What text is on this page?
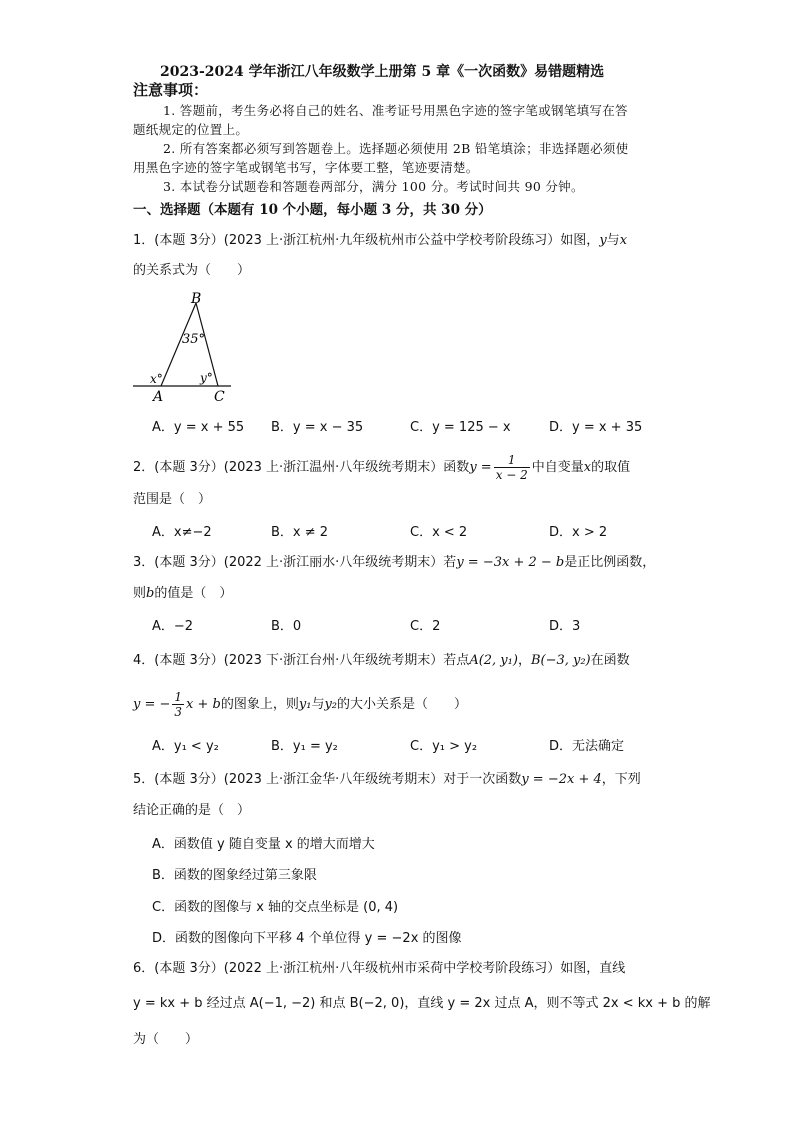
2023-2024 学年浙江八年级数学上册第 5 章《一次函数》易错题精选
注意事项：
1. 答题前，考生务必将自己的姓名、准考证号用黑色字迹的签字笔或钢笔填写在答
题纸规定的位置上。
2. 所有答案都必须写到答题卷上。选择题必须使用 2B 铅笔填涂；非选择题必须使
用黑色字迹的签字笔或钢笔书写，字体要工整，笔迹要清楚。
3. 本试卷分试题卷和答题卷两部分，满分 100 分。考试时间共 90 分钟。
一、选择题（本题有 10 个小题，每小题 3 分，共 30 分）
1．(本题 3分）(2023 上·浙江杭州·九年级杭州市公益中学校考阶段练习）如图，y与x
的关系式为（　　）
B
35°
x°	y°
A	C
A．y = x + 55 B．y = x − 35	C．y = 125 − x	D．y = x + 35
2．(本题 3分）(2023 上·浙江温州·八年级统考期末）函数$y = \frac{1}{x - 2}$ 中自变量x的取值
范围是（　）
A．x≠−2	B．x ≠ 2	C．x < 2	D．x > 2
3．(本题 3分）(2022 上·浙江丽水·八年级统考期末）若y = −3x + 2 − b是正比例函数，
则b的值是（　）
A．−2	B．0	C．2	D．3
4．(本题 3分）(2023 下·浙江台州·八年级统考期末）若点A(2, y₁)，B(−3, y₂)在函数
y = − $\frac{1}{3}$ x + b的图象上，则y₁与y₂的大小关系是（　　）
A．y₁ < y₂	B．y₁ = y₂	C．y₁ > y₂	D．无法确定
5．(本题 3分）(2023 上·浙江金华·八年级统考期末）对于一次函数y = −2x + 4，下列
结论正确的是（　）
A．函数值 y 随自变量 x 的增大而增大
B．函数的图象经过第三象限
C．函数的图像与 x 轴的交点坐标是 (0, 4)
D．函数的图像向下平移 4 个单位得 y = −2x 的图像
6．(本题 3分）(2022 上·浙江杭州·八年级杭州市采荷中学校考阶段练习）如图，直线
y = kx + b 经过点 A(−1, −2) 和点 B(−2, 0)，直线 y = 2x 过点 A，则不等式 2x < kx + b 的解
为（　　）
